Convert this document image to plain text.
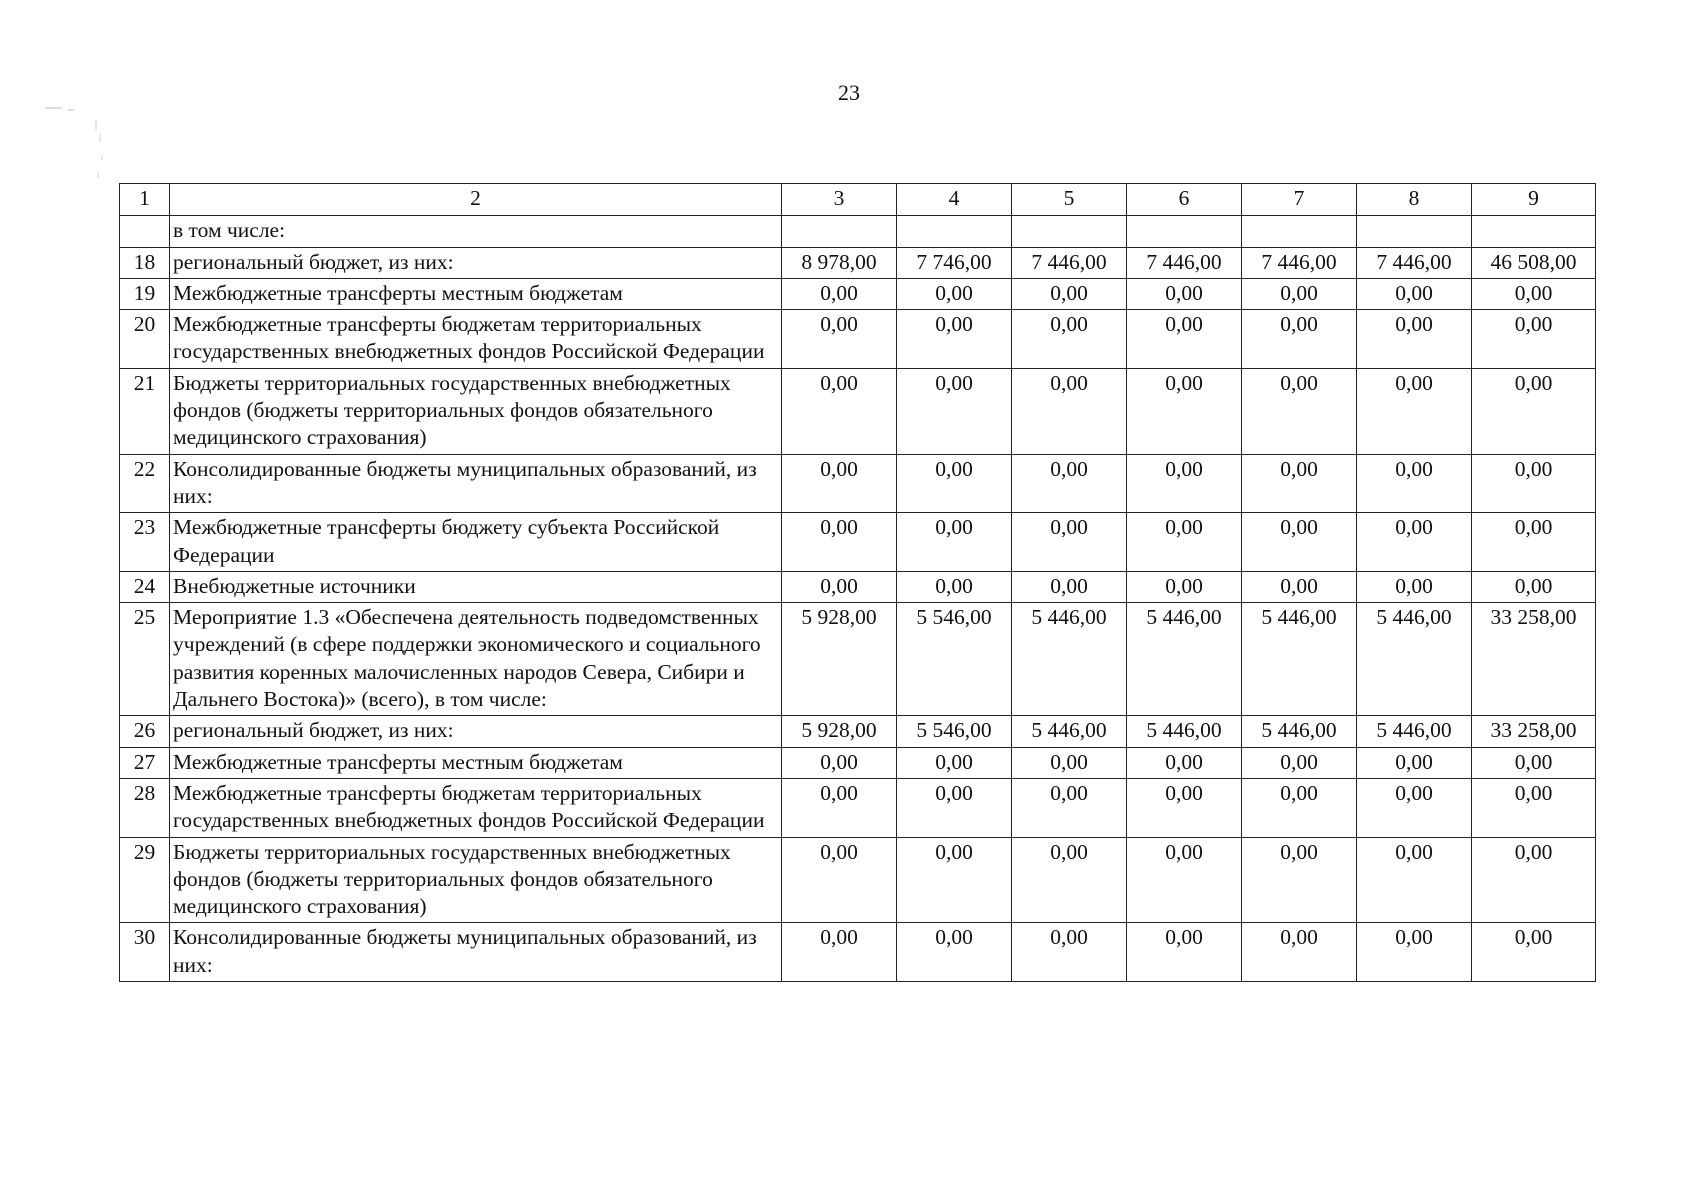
23
1	2	3	4	5	6	7	8	9
	в том числе:							
18	региональный бюджет, из них:	8 978,00	7 746,00	7 446,00	7 446,00	7 446,00	7 446,00	46 508,00
19	Межбюджетные трансферты местным бюджетам	0,00	0,00	0,00	0,00	0,00	0,00	0,00
20	Межбюджетные трансферты бюджетам территориальных государственных внебюджетных фондов Российской Федерации	0,00	0,00	0,00	0,00	0,00	0,00	0,00
21	Бюджеты территориальных государственных внебюджетных фондов (бюджеты территориальных фондов обязательного медицинского страхования)	0,00	0,00	0,00	0,00	0,00	0,00	0,00
22	Консолидированные бюджеты муниципальных образований, из них:	0,00	0,00	0,00	0,00	0,00	0,00	0,00
23	Межбюджетные трансферты бюджету субъекта Российской Федерации	0,00	0,00	0,00	0,00	0,00	0,00	0,00
24	Внебюджетные источники	0,00	0,00	0,00	0,00	0,00	0,00	0,00
25	Мероприятие 1.3 «Обеспечена деятельность подведомственных учреждений (в сфере поддержки экономического и социального развития коренных малочисленных народов Севера, Сибири и Дальнего Востока)» (всего), в том числе:	5 928,00	5 546,00	5 446,00	5 446,00	5 446,00	5 446,00	33 258,00
26	региональный бюджет, из них:	5 928,00	5 546,00	5 446,00	5 446,00	5 446,00	5 446,00	33 258,00
27	Межбюджетные трансферты местным бюджетам	0,00	0,00	0,00	0,00	0,00	0,00	0,00
28	Межбюджетные трансферты бюджетам территориальных государственных внебюджетных фондов Российской Федерации	0,00	0,00	0,00	0,00	0,00	0,00	0,00
29	Бюджеты территориальных государственных внебюджетных фондов (бюджеты территориальных фондов обязательного медицинского страхования)	0,00	0,00	0,00	0,00	0,00	0,00	0,00
30	Консолидированные бюджеты муниципальных образований, из них:	0,00	0,00	0,00	0,00	0,00	0,00	0,00
